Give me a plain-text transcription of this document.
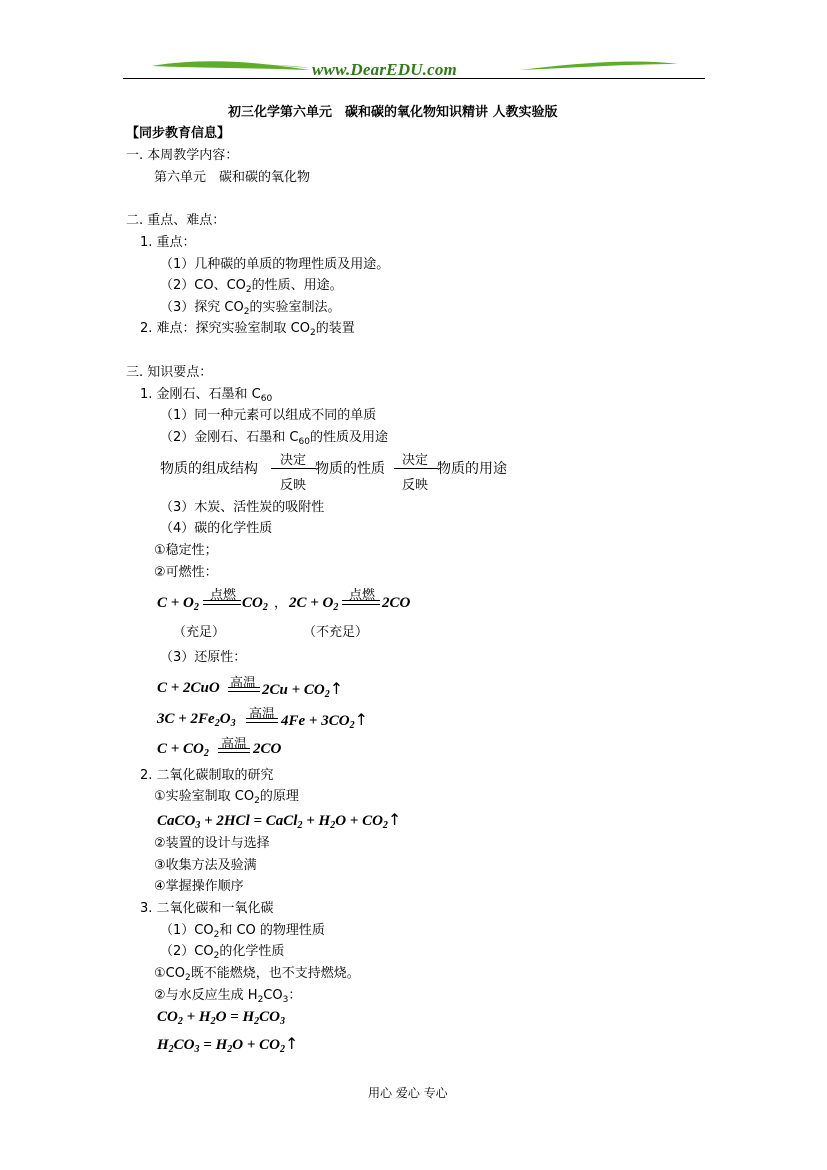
www.DearEDU.com
初三化学第六单元　碳和碳的氧化物知识精讲 人教实验版
【同步教育信息】
一. 本周教学内容：
第六单元　碳和碳的氧化物
二. 重点、难点：
1. 重点：
（1）几种碳的单质的物理性质及用途。
（2）CO、$CO_2$的性质、用途。
（3）探究 $CO_2$的实验室制法。
2. 难点：探究实验室制取 $CO_2$的装置
三. 知识要点：
1. 金刚石、石墨和 $C_{60}$
（1）同一种元素可以组成不同的单质
（2）金刚石、石墨和 $C_{60}$的性质及用途
物质的组成结构
决定
反映
物质的性质
决定
反映
物质的用途
（3）木炭、活性炭的吸附性
（4）碳的化学性质
①稳定性；
②可燃性：
$C + O_2$
点燃 $CO_2$ ， $2C + O_2$
点燃 2CO
（充足）	（不充足）
（3）还原性：
C + 2CuO 高温 $2Cu + CO_2↑$
$3C + 2Fe_2O_3$
高温 $4Fe + 3CO_2↑$
$C + CO_2$
高温 2CO
2. 二氧化碳制取的研究
①实验室制取 $CO_2$的原理
CaCO$_3$ + 2HCl = CaCl$_2$ + $H_2O$ + $CO_2↑$
②装置的设计与选择
③收集方法及验满
④掌握操作顺序
3. 二氧化碳和一氧化碳
$(1)CO_2$和 CO 的物理性质
$(2)CO_2$的化学性质
$①CO_2$既不能燃烧，也不支持燃烧。
②与水反应生成 $H_2CO_3$：
$CO_2 + H_2O = H_2CO_3$
$H_2CO_3 = H_2O$ + $CO_2↑$
用心 爱心 专心
